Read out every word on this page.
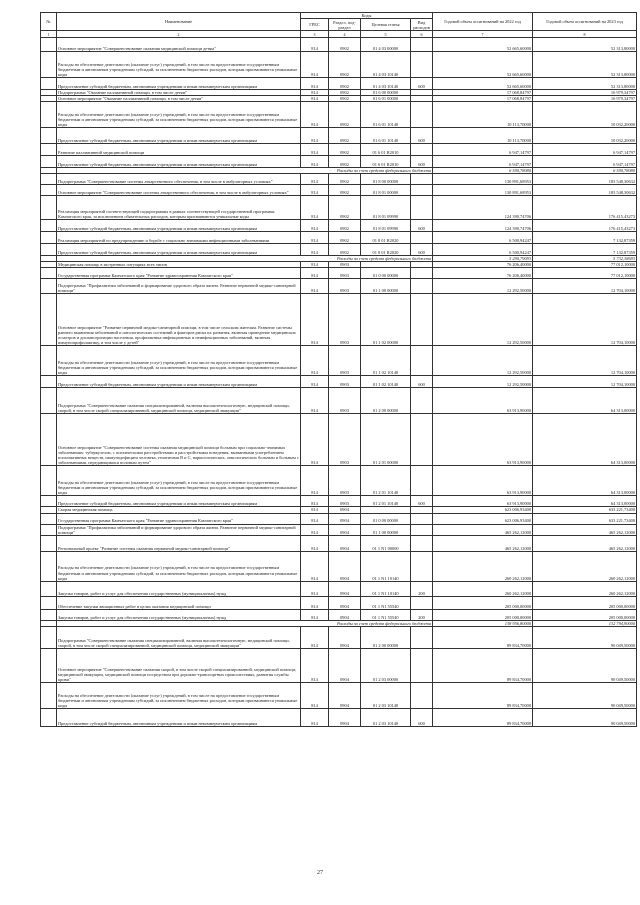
№	Наименование	Коды				Годовой объем ассигнований на 2022 год	Годовой объем ассигнований на 2023 год
		ГРБС	Раздел, под-раздел	Целевая статья	Вид расходов		
1	2	3	4	5	6	7	8
	Основное мероприятие "Совершенствование оказания медицинской помощи детям"	814	0902	01 4 03 00000		52 665,60000	52 313,80000
	Расходы на обеспечение деятельности (оказание услуг) учреждений, в том числе на предоставление государственным бюджетным и автономным учреждениям субсидий, за исключением бюджетных расходов, которым присваиваются уникальные коды	814	0902	01 4 03 10140		52 665,60000	52 313,80000
	Предоставление субсидий бюджетным, автономным учреждениям и иным некоммерческим организациям	814	0902	01 4 03 10140	600	52 665,60000	52 313,80000
	Подпрограмма "Оказание паллиативной помощи, в том числе детям"	814	0902	01 6 00 00000		17 068,84797	16 979,34797
	Основное мероприятие "Оказание паллиативной помощи, в том числе детям"	814	0902	01 6 01 00000		17 068,84797	16 979,34797
	Расходы на обеспечение деятельности (оказание услуг) учреждений, в том числе на предоставление государственным бюджетным и автономным учреждениям субсидий, за исключением бюджетных расходов, которым присваиваются уникальные коды	814	0902	01 6 01 10140		10 113,70000	10 032,20000
	Предоставление субсидий бюджетным, автономным учреждениям и иным некоммерческим организациям	814	0902	01 6 01 10140	600	10 113,70000	10 032,20000
	Развитие паллиативной медицинской помощи	814	0902	01 6 01 R2010		6 947,14797	6 947,14797
	Предоставление субсидий бюджетным, автономным учреждениям и иным некоммерческим организациям	814	0902	01 6 01 R2010	600	6 947,14797	6 947,14797
	Расходы за счет средств федерального бюджета					6 590,78080	6 590,78080
	Подпрограмма "Совершенствование системы лекарственного обеспечения, в том числе в амбулаторных условиях"	814	0902	01 8 00 00000		130 891,68953	183 548,30632
	Основное мероприятие "Совершенствование системы лекарственного обеспечения, в том числе в амбулаторных условиях"	814	0902	01 8 01 00000		130 891,68953	183 548,30632
	Реализация мероприятий соответствующей подпрограммы в рамках соответствующей государственной программы Камчатского края, за исключением обязательных расходов, которым присваиваются уникальные коды	814	0902	01 8 01 09990		124 390,74706	176 415,43273
	Предоставление субсидий бюджетным, автономным учреждениям и иным некоммерческим организациям	814	0902	01 8 01 09990	600	124 390,74706	176 415,43273
	Реализация мероприятий по предупреждению и борьбе с социально значимыми инфекционными заболеваниями	814	0902	01 8 01 R2020		6 500,94247	7 132,87359
	Предоставление субсидий бюджетным, автономным учреждениям и иным некоммерческим организациям	814	0902	01 8 01 R2020	600	6 500,94247	7 132,87359
	Расходы за счет средств федерального бюджета					5 290,79093	5 732,38693
	Медицинская помощь в экстренных ситуациях всех типов	814	0903			76 206,40000	77 012,10000
	Государственная программа Камчатского края "Развитие здравоохранения Камчатского края"	814	0903	01 0 00 00000		76 206,40000	77 012,10000
	Подпрограмма "Профилактика заболеваний и формирование здорового образа жизни. Развитие первичной медико-санитарной помощи"	814	0903	01 1 00 00000		12 292,50000	12 704,10000
	Основное мероприятие "Развитие первичной медико-санитарной помощи, в том числе сельским жителям. Развитие системы раннего выявления заболеваний и патологических состояний и факторов риска их развития, включая проведение медицинских осмотров и диспансеризации населения, профилактика инфекционных и неинфекционных заболеваний, включая иммунопрофилактику, в том числе у детей"	814	0903	01 1 02 00000		12 292,50000	12 704,10000
	Расходы на обеспечение деятельности (оказание услуг) учреждений, в том числе на предоставление государственным бюджетным и автономным учреждениям субсидий, за исключением бюджетных расходов, которым присваиваются уникальные коды	814	0903	01 1 02 10140		12 292,50000	12 704,10000
	Предоставление субсидий бюджетным, автономным учреждениям и иным некоммерческим организациям	814	0903	01 1 02 10140	600	12 292,50000	12 704,10000
	Подпрограмма "Совершенствование оказания специализированной, включая высокотехнологичную, медицинской помощи, скорой, в том числе скорой специализированной, медицинской помощи, медицинской эвакуации"	814	0903	01 2 00 00000		63 913,90000	64 313,00000
	Основное мероприятие "Совершенствование системы оказания медицинской помощи больным при социально-значимых заболеваниях: туберкулезом, с психическими расстройствами и расстройствами поведения, вызванными употреблением психоактивных веществ, иммунодефицита человека, гепатитами B и C, наркологических, онкологических больным и больным с заболеваниями, передающимися половым путем"	814	0903	01 2 01 00000		63 913,90000	64 313,00000
	Расходы на обеспечение деятельности (оказание услуг) учреждений, в том числе на предоставление государственным бюджетным и автономным учреждениям субсидий, за исключением бюджетных расходов, которым присваиваются уникальные коды	814	0903	01 2 01 10140		63 913,90000	64 313,00000
	Предоставление субсидий бюджетным, автономным учреждениям и иным некоммерческим организациям	814	0903	01 2 01 10140	600	63 913,90000	64 313,00000
	Скорая медицинская помощь	814	0904			623 006,93400	633 221,73400
	Государственная программа Камчатского края "Развитие здравоохранения Камчатского края"	814	0904	01 0 00 00000		623 006,93400	633 221,73400
	Подпрограмма "Профилактика заболеваний и формирование здорового образа жизни. Развитие первичной медико-санитарной помощи"	814	0904	01 1 00 00000		465 262,12000	465 262,12000
	Региональный проект "Развитие системы оказания первичной медико-санитарной помощи"	814	0904	01 1 N1 00000		465 262,12000	465 262,12000
	Расходы на обеспечение деятельности (оказание услуг) учреждений, в том числе на предоставление государственным бюджетным и автономным учреждениям субсидий, за исключением бюджетных расходов, которым присваиваются уникальные коды	814	0904	01 1 N1 10140		260 262,12000	260 262,12000
	Закупка товаров, работ и услуг для обеспечения государственных (муниципальных) нужд	814	0904	01 1 N1 10140	200	260 262,12000	260 262,12000
	Обеспечение закупки авиационных работ в целях оказания медицинской помощи	814	0904	01 1 N1 55540		205 000,00000	205 000,00000
	Закупка товаров, работ и услуг для обеспечения государственных (муниципальных) нужд	814	0904	01 1 N1 55540	200	205 000,00000	205 000,00000
	Расходы за счет средств федерального бюджета					138 956,80000	132 794,90000
	Подпрограмма "Совершенствование оказания специализированной, включая высокотехнологичную, медицинской помощи, скорой, в том числе скорой специализированной, медицинской помощи, медицинской эвакуации"	814	0904	01 2 00 00000		89 834,70000	90 049,50000
	Основное мероприятие "Совершенствование оказания скорой, в том числе скорой специализированной, медицинской помощи, медицинской эвакуации, медицинской помощи посредством при дорожно-транспортных происшествиях, развития службы крови"	814	0904	01 2 03 00000		89 834,70000	90 049,50000
	Расходы на обеспечение деятельности (оказание услуг) учреждений, в том числе на предоставление государственным бюджетным и автономным учреждениям субсидий, за исключением бюджетных расходов, которым присваиваются уникальные коды	814	0904	01 2 03 10140		89 834,70000	90 049,50000
	Предоставление субсидий бюджетным, автономным учреждениям и иным некоммерческим организациям	814	0904	01 2 03 10140	600	89 834,70000	90 049,50000
27
